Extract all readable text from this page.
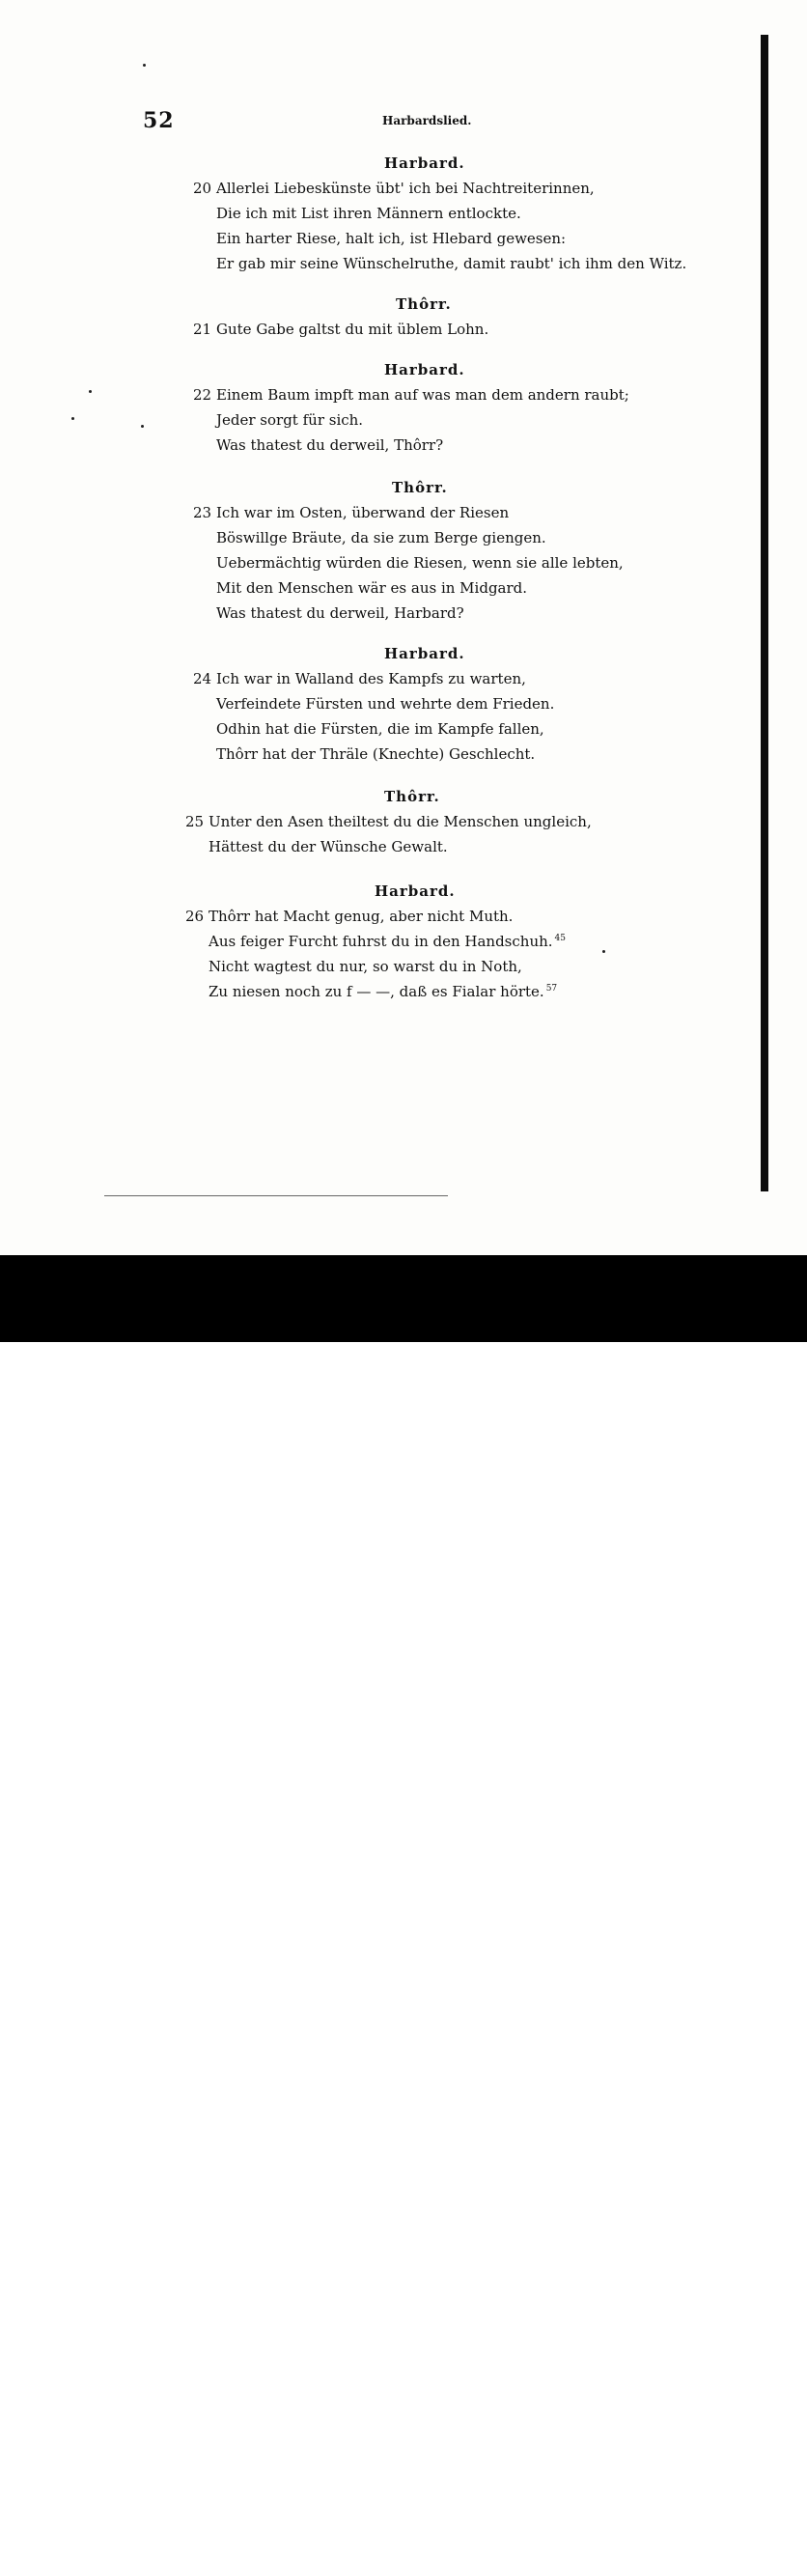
52	Harbardslied.
Harbard.
20 Allerlei Liebeskünste übt' ich bei Nachtreiterinnen,
Die ich mit List ihren Männern entlockte.
Ein harter Riese, halt ich, ist Hlebard gewesen:
Er gab mir seine Wünschelruthe, damit raubt' ich ihm den Witz.
Thôrr.
21 Gute Gabe galtst du mit üblem Lohn.
Harbard.
22 Einem Baum impft man auf was man dem andern raubt;
Jeder sorgt für sich.
Was thatest du derweil, Thôrr?
Thôrr.
23 Ich war im Osten, überwand der Riesen
Böswillge Bräute, da sie zum Berge giengen.
Uebermächtig würden die Riesen, wenn sie alle lebten,
Mit den Menschen wär es aus in Midgard.
Was thatest du derweil, Harbard?
Harbard.
24 Ich war in Walland des Kampfs zu warten,
Verfeindete Fürsten und wehrte dem Frieden.
Odhin hat die Fürsten, die im Kampfe fallen,
Thôrr hat der Thräle (Knechte) Geschlecht.
Thôrr.
25 Unter den Asen theiltest du die Menschen ungleich,
Hättest du der Wünsche Gewalt.
Harbard.
26 Thôrr hat Macht genug, aber nicht Muth.
Aus feiger Furcht fuhrst du in den Handschuh. $^{45}$
Nicht wagtest du nur, so warst du in Noth,
Zu niesen noch zu f — —, daß es Fialar hörte. $^{57}$
alamy	J3AR84
www.alamy.com
